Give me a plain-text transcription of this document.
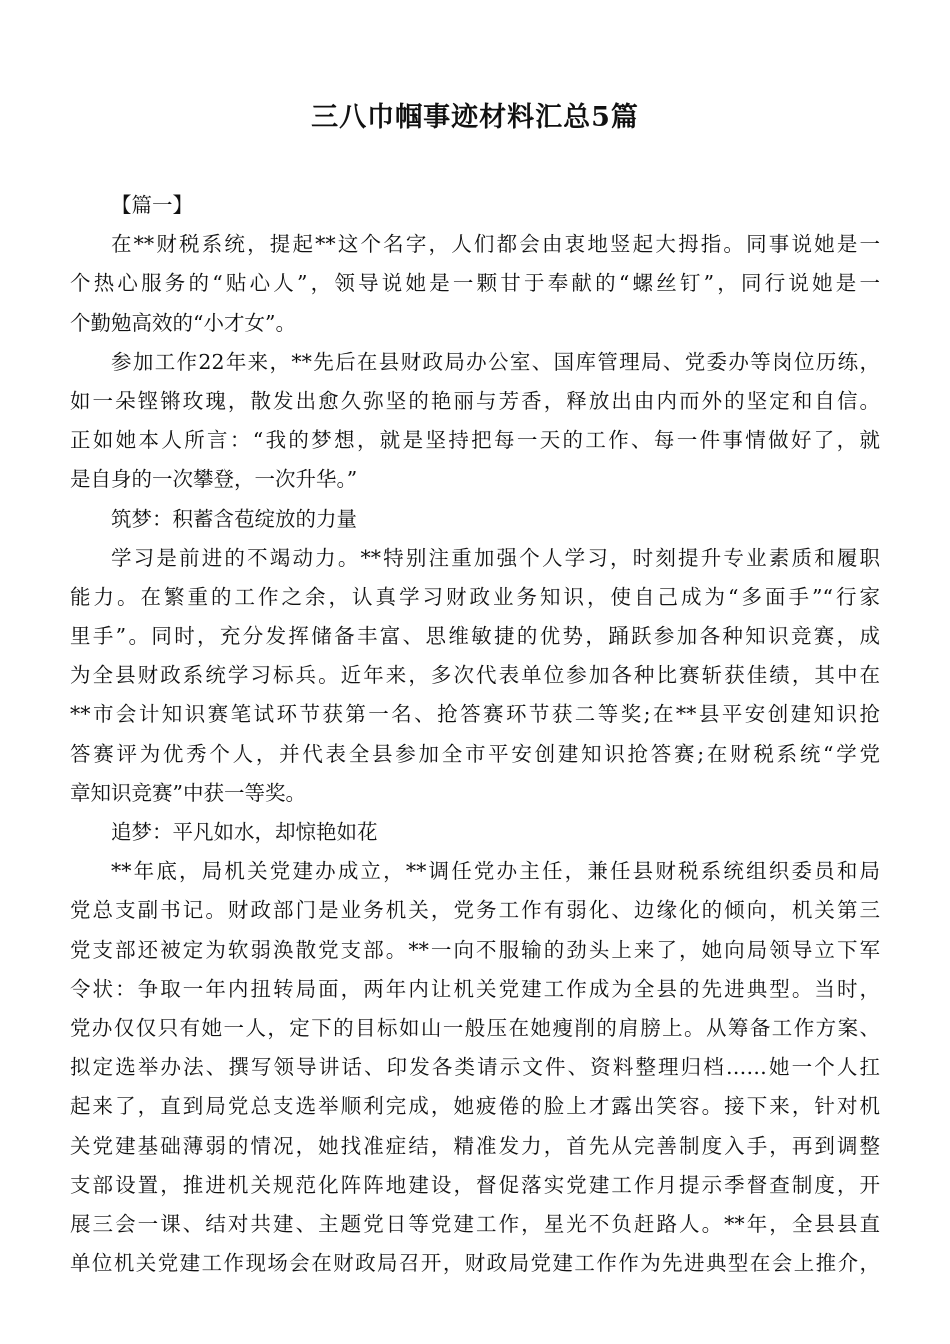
三八巾帼事迹材料汇总5篇
【篇一】
在**财税系统，提起**这个名字，人们都会由衷地竖起大拇指。同事说她是一
个热心服务的“贴心人”，领导说她是一颗甘于奉献的“螺丝钉”，同行说她是一
个勤勉高效的“小才女”。
参加工作22年来，**先后在县财政局办公室、国库管理局、党委办等岗位历练，
如一朵铿锵玫瑰，散发出愈久弥坚的艳丽与芳香，释放出由内而外的坚定和自信。
正如她本人所言：“我的梦想，就是坚持把每一天的工作、每一件事情做好了，就
是自身的一次攀登，一次升华。”
筑梦：积蓄含苞绽放的力量
学习是前进的不竭动力。**特别注重加强个人学习，时刻提升专业素质和履职
能力。在繁重的工作之余，认真学习财政业务知识，使自己成为“多面手”“行家
里手”。同时，充分发挥储备丰富、思维敏捷的优势，踊跃参加各种知识竞赛，成
为全县财政系统学习标兵。近年来，多次代表单位参加各种比赛斩获佳绩，其中在
**市会计知识赛笔试环节获第一名、抢答赛环节获二等奖;在**县平安创建知识抢
答赛评为优秀个人，并代表全县参加全市平安创建知识抢答赛;在财税系统“学党
章知识竞赛”中获一等奖。
追梦：平凡如水，却惊艳如花
**年底，局机关党建办成立，**调任党办主任，兼任县财税系统组织委员和局
党总支副书记。财政部门是业务机关，党务工作有弱化、边缘化的倾向，机关第三
党支部还被定为软弱涣散党支部。**一向不服输的劲头上来了，她向局领导立下军
令状：争取一年内扭转局面，两年内让机关党建工作成为全县的先进典型。当时，
党办仅仅只有她一人，定下的目标如山一般压在她瘦削的肩膀上。从筹备工作方案、
拟定选举办法、撰写领导讲话、印发各类请示文件、资料整理归档……她一个人扛
起来了，直到局党总支选举顺利完成，她疲倦的脸上才露出笑容。接下来，针对机
关党建基础薄弱的情况，她找准症结，精准发力，首先从完善制度入手，再到调整
支部设置，推进机关规范化阵阵地建设，督促落实党建工作月提示季督查制度，开
展三会一课、结对共建、主题党日等党建工作，星光不负赶路人。**年，全县县直
单位机关党建工作现场会在财政局召开，财政局党建工作作为先进典型在会上推介，
